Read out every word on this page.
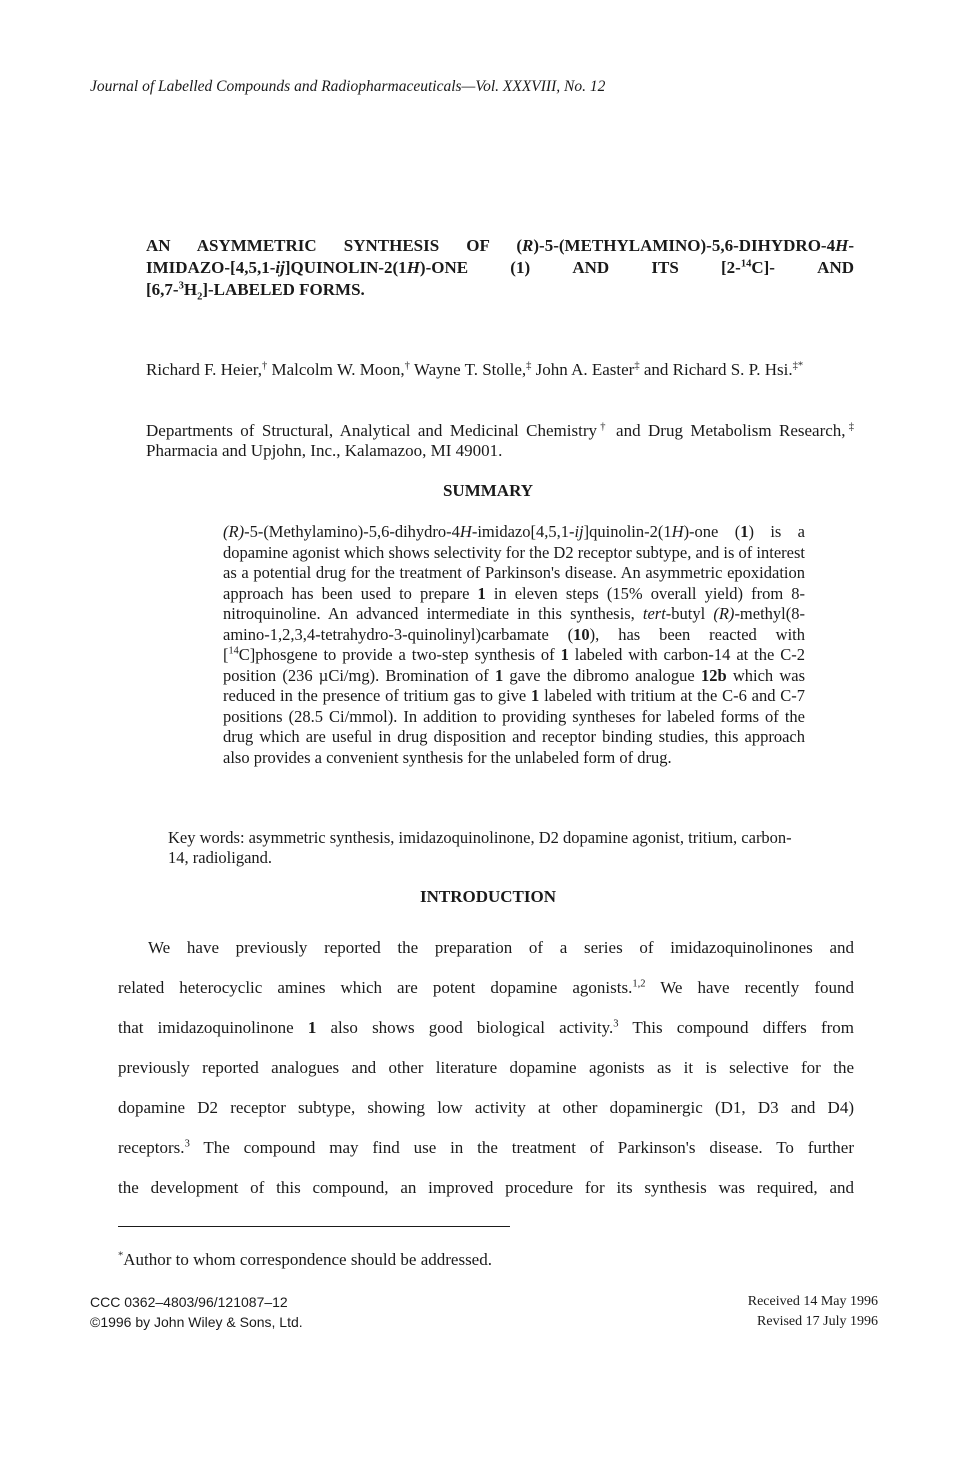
Journal of Labelled Compounds and Radiopharmaceuticals—Vol. XXXVIII, No. 12
AN ASYMMETRIC SYNTHESIS OF (R)-5-(METHYLAMINO)-5,6-DIHYDRO-4H-
IMIDAZO-[4,5,1-ij]QUINOLIN-2(1H)-ONE   (1)   AND   ITS   [2-$^{14}$C]-   AND
$[6,7-^3H_2]$-LABELED FORMS.
Richard F. Heier,† Malcolm W. Moon,† Wayne T. Stolle,‡ John A. Easter‡ and Richard S. P. Hsi.‡*
Departments of Structural, Analytical and Medicinal Chemistry† and Drug Metabolism Research,‡ Pharmacia and Upjohn, Inc., Kalamazoo, MI 49001.
SUMMARY
(R)-5-(Methylamino)-5,6-dihydro-4H-imidazo[4,5,1-ij]quinolin-2(1H)-one (1) is a dopamine agonist which shows selectivity for the D2 receptor subtype, and is of interest as a potential drug for the treatment of Parkinson's disease. An asymmetric epoxidation approach has been used to prepare 1 in eleven steps (15% overall yield) from 8-nitroquinoline. An advanced intermediate in this synthesis, tert-butyl (R)-methyl(8-amino-1,2,3,4-tetrahydro-3-quinolinyl)carbamate (10), has been reacted with [$^{14}$C]phosgene to provide a two-step synthesis of 1 labeled with carbon-14 at the C-2 position (236 µCi/mg). Bromination of 1 gave the dibromo analogue 12b which was reduced in the presence of tritium gas to give 1 labeled with tritium at the C-6 and C-7 positions (28.5 Ci/mmol). In addition to providing syntheses for labeled forms of the drug which are useful in drug disposition and receptor binding studies, this approach also provides a convenient synthesis for the unlabeled form of drug.
Key words: asymmetric synthesis, imidazoquinolinone, D2 dopamine agonist, tritium, carbon-14, radioligand.
INTRODUCTION
We have previously reported the preparation of a series of imidazoquinolinones and
related heterocyclic amines which are potent dopamine agonists.$^{1,2}$ We have recently found
that imidazoquinolinone 1 also shows good biological activity.$^3$ This compound differs from
previously reported analogues and other literature dopamine agonists as it is selective for the
dopamine D2 receptor subtype, showing low activity at other dopaminergic (D1, D3 and D4)
receptors.$^3$ The compound may find use in the treatment of Parkinson's disease. To further
the development of this compound, an improved procedure for its synthesis was required, and
*Author to whom correspondence should be addressed.
CCC 0362–4803/96/121087–12
©1996 by John Wiley & Sons, Ltd.
Received 14 May 1996
Revised 17 July 1996
